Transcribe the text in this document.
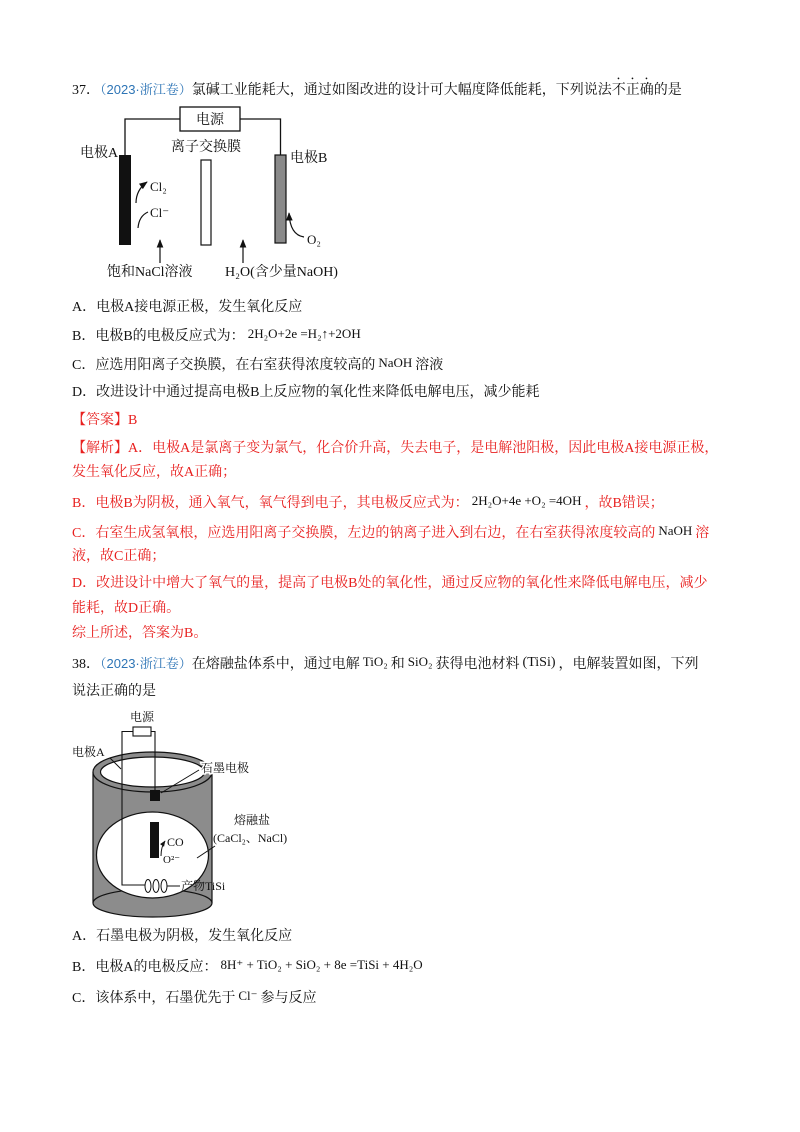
37．（2023·浙江卷）氯碱工业能耗大，通过如图改进的设计可大幅度降低能耗，下列说法不正确的是
电源
电极A	离子交换膜
电极B
Cl₂
Cl⁻
O₂
饱和NaCl溶液 H₂O(含少量NaOH)
A．电极A接电源正极，发生氧化反应
B．电极B的电极反应式为： 2H₂O+2e =H₂↑+2OH
C．应选用阳离子交换膜，在右室获得浓度较高的 NaOH 溶液
D．改进设计中通过提高电极B上反应物的氧化性来降低电解电压，减少能耗
【答案】B
【解析】A．电极A是氯离子变为氯气，化合价升高，失去电子，是电解池阳极，因此电极A接电源正极，
发生氧化反应，故A正确；
B．电极B为阴极，通入氧气，氧气得到电子，其电极反应式为： 2H₂O+4e +O₂ =4OH ，故B错误；
C．右室生成氢氧根，应选用阳离子交换膜，左边的钠离子进入到右边，在右室获得浓度较高的 NaOH 溶
液，故C正确；
D．改进设计中增大了氧气的量，提高了电极B处的氧化性，通过反应物的氧化性来降低电解电压，减少
能耗，故D正确。
综上所述，答案为B。
38．（2023·浙江卷）在熔融盐体系中，通过电解 TiO₂ 和 SiO₂ 获得电池材料 (TiSi) ，电解装置如图，下列
说法正确的是
电源
产物TiSi
电极A
石墨电极
熔融盐
(CaCl₂、NaCl)
CO
O²⁻
A．石墨电极为阴极，发生氧化反应
B．电极A的电极反应： 8H⁺ + TiO₂ + SiO₂ + 8e =TiSi + 4H₂O
C．该体系中，石墨优先于 Cl⁻ 参与反应
